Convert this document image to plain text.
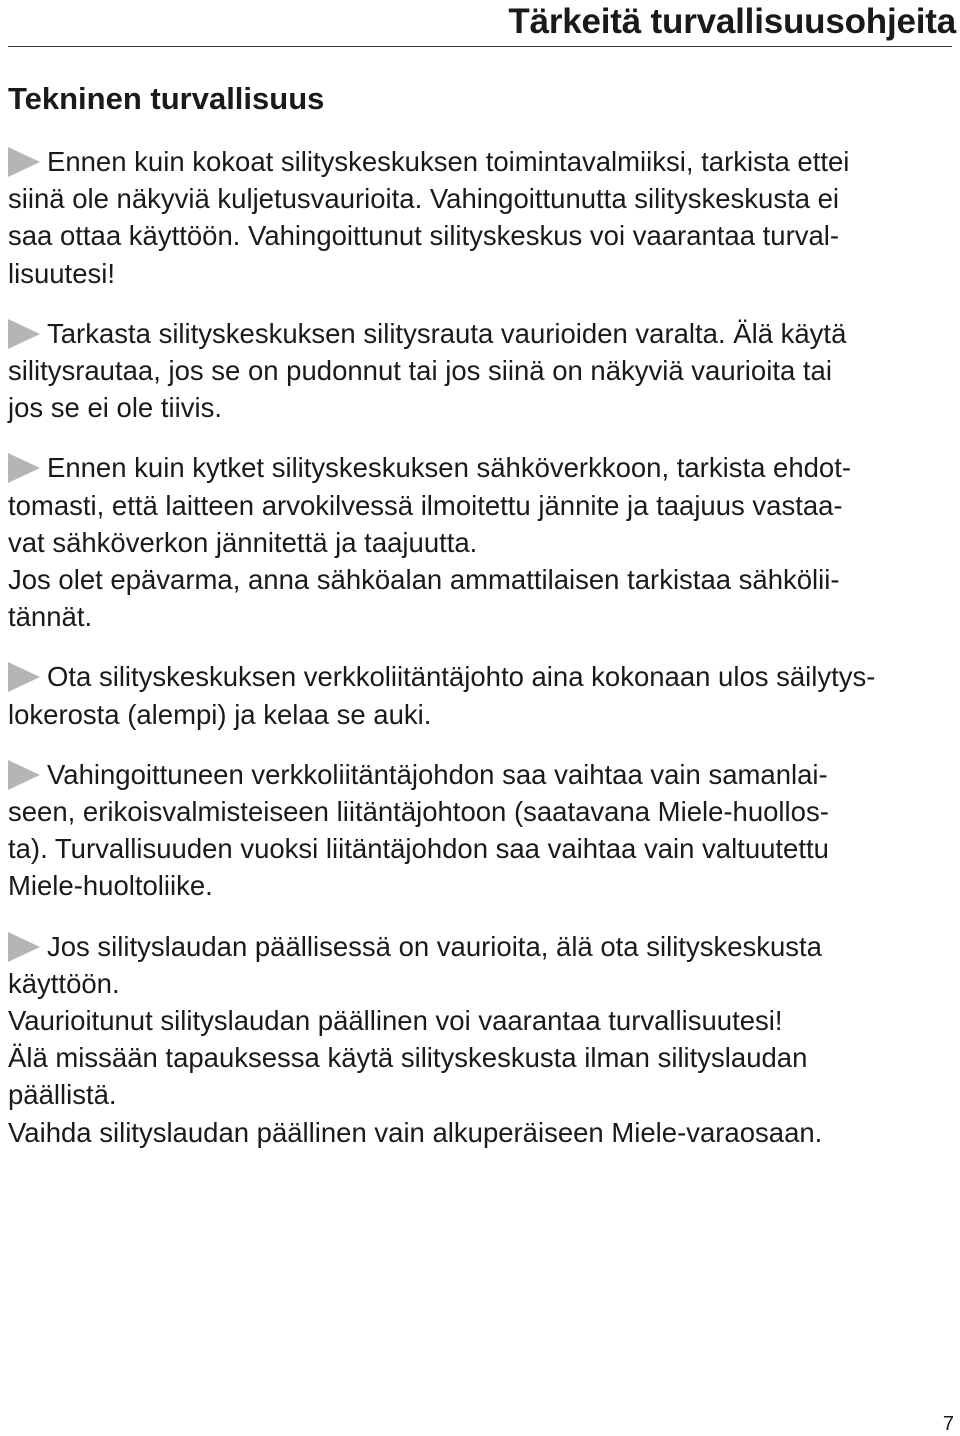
Tärkeitä turvallisuusohjeita
Tekninen turvallisuus
Ennen kuin kokoat silityskeskuksen toimintavalmiiksi, tarkista ettei
siinä ole näkyviä kuljetusvaurioita. Vahingoittunutta silityskeskusta ei
saa ottaa käyttöön. Vahingoittunut silityskeskus voi vaarantaa turval-
lisuutesi!
Tarkasta silityskeskuksen silitysrauta vaurioiden varalta. Älä käytä
silitysrautaa, jos se on pudonnut tai jos siinä on näkyviä vaurioita tai
jos se ei ole tiivis.
Ennen kuin kytket silityskeskuksen sähköverkkoon, tarkista ehdot-
tomasti, että laitteen arvokilvessä ilmoitettu jännite ja taajuus vastaa-
vat sähköverkon jännitettä ja taajuutta.
Jos olet epävarma, anna sähköalan ammattilaisen tarkistaa sähkölii-
tännät.
Ota silityskeskuksen verkkoliitäntäjohto aina kokonaan ulos säilytys-
lokerosta (alempi) ja kelaa se auki.
Vahingoittuneen verkkoliitäntäjohdon saa vaihtaa vain samanlai-
seen, erikoisvalmisteiseen liitäntäjohtoon (saatavana Miele-huollos-
ta). Turvallisuuden vuoksi liitäntäjohdon saa vaihtaa vain valtuutettu
Miele-huoltoliike.
Jos silityslaudan päällisessä on vaurioita, älä ota silityskeskusta
käyttöön.
Vaurioitunut silityslaudan päällinen voi vaarantaa turvallisuutesi!
Älä missään tapauksessa käytä silityskeskusta ilman silityslaudan
päällistä.
Vaihda silityslaudan päällinen vain alkuperäiseen Miele-varaosaan.
7
